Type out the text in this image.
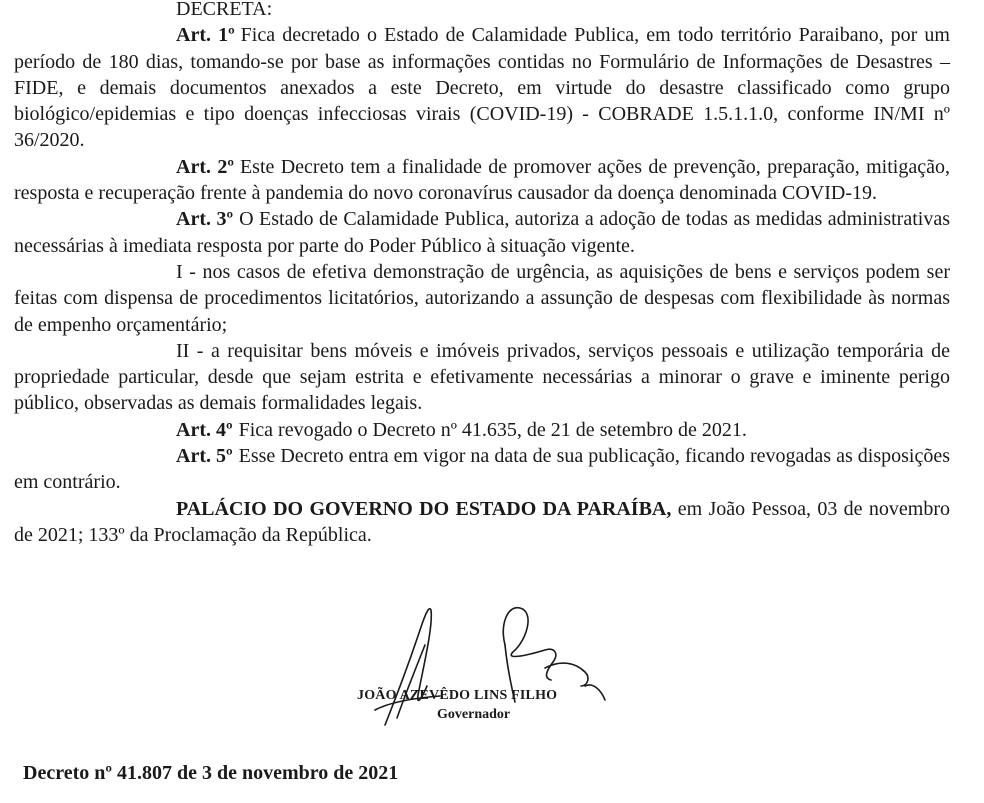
DECRETA:

Art. 1º Fica decretado o Estado de Calamidade Publica, em todo território Paraibano, por um período de 180 dias, tomando-se por base as informações contidas no Formulário de Informações de Desastres – FIDE, e demais documentos anexados a este Decreto, em virtude do desastre classificado como grupo biológico/epidemias e tipo doenças infecciosas virais (COVID-19) - COBRADE 1.5.1.1.0, conforme IN/MI nº 36/2020.

Art. 2º Este Decreto tem a finalidade de promover ações de prevenção, preparação, mitigação, resposta e recuperação frente à pandemia do novo coronavírus causador da doença denominada COVID-19.

Art. 3º O Estado de Calamidade Publica, autoriza a adoção de todas as medidas administrativas necessárias à imediata resposta por parte do Poder Público à situação vigente.

I - nos casos de efetiva demonstração de urgência, as aquisições de bens e serviços podem ser feitas com dispensa de procedimentos licitatórios, autorizando a assunção de despesas com flexibilidade às normas de empenho orçamentário;

II - a requisitar bens móveis e imóveis privados, serviços pessoais e utilização temporária de propriedade particular, desde que sejam estrita e efetivamente necessárias a minorar o grave e iminente perigo público, observadas as demais formalidades legais.

Art. 4º Fica revogado o Decreto nº 41.635, de 21 de setembro de 2021.

Art. 5º Esse Decreto entra em vigor na data de sua publicação, ficando revogadas as disposições em contrário.

PALÁCIO DO GOVERNO DO ESTADO DA PARAÍBA, em João Pessoa, 03 de novembro de 2021; 133º da Proclamação da República.

JOÃO AZEVÊDO LINS FILHO
Governador
Decreto nº 41.807 de 3 de novembro de 2021
